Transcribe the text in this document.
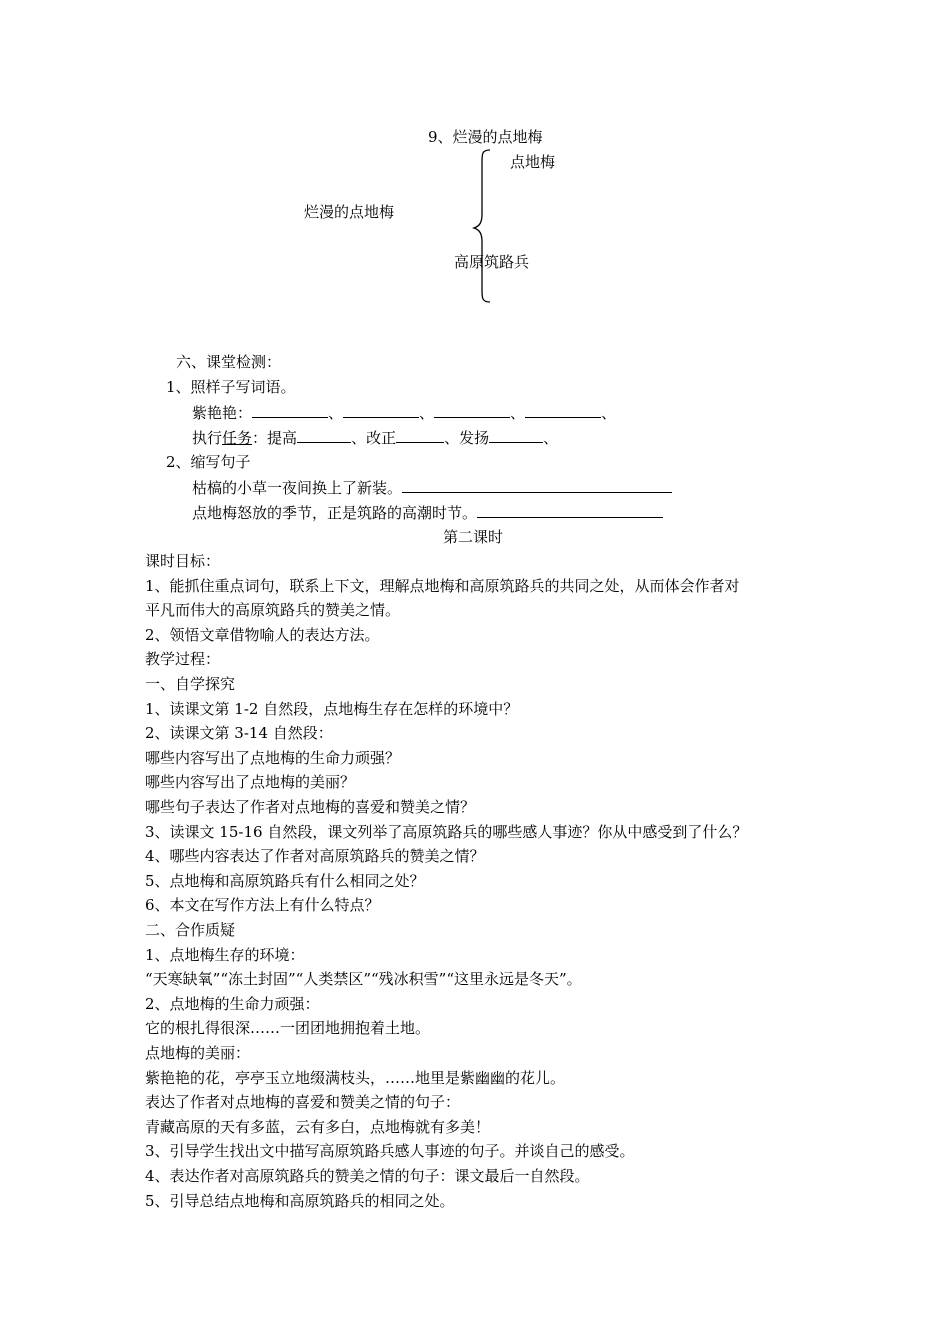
9、烂漫的点地梅
点地梅
烂漫的点地梅
高原筑路兵
六、课堂检测：
1、照样子写词语。
紫艳艳：	、	、	、	、
执行任务：提高	、改正	、发扬	、
2、缩写句子
枯槁的小草一夜间换上了新装。
点地梅怒放的季节，正是筑路的高潮时节。
第二课时
课时目标：
1、能抓住重点词句，联系上下文，理解点地梅和高原筑路兵的共同之处，从而体会作者对
平凡而伟大的高原筑路兵的赞美之情。
2、领悟文章借物喻人的表达方法。
教学过程：
一、自学探究
1、读课文第 1-2 自然段，点地梅生存在怎样的环境中？
2、读课文第 3-14 自然段：
哪些内容写出了点地梅的生命力顽强？
哪些内容写出了点地梅的美丽？
哪些句子表达了作者对点地梅的喜爱和赞美之情？
3、读课文 15-16 自然段，课文列举了高原筑路兵的哪些感人事迹？你从中感受到了什么？
4、哪些内容表达了作者对高原筑路兵的赞美之情？
5、点地梅和高原筑路兵有什么相同之处？
6、本文在写作方法上有什么特点？
二、合作质疑
1、点地梅生存的环境：
“天寒缺氧”“冻土封固”“人类禁区”“残冰积雪”“这里永远是冬天”。
2、点地梅的生命力顽强：
它的根扎得很深……一团团地拥抱着土地。
点地梅的美丽：
紫艳艳的花，亭亭玉立地缀满枝头，……地里是紫幽幽的花儿。
表达了作者对点地梅的喜爱和赞美之情的句子：
青藏高原的天有多蓝，云有多白，点地梅就有多美！
3、引导学生找出文中描写高原筑路兵感人事迹的句子。并谈自己的感受。
4、表达作者对高原筑路兵的赞美之情的句子：课文最后一自然段。
5、引导总结点地梅和高原筑路兵的相同之处。
